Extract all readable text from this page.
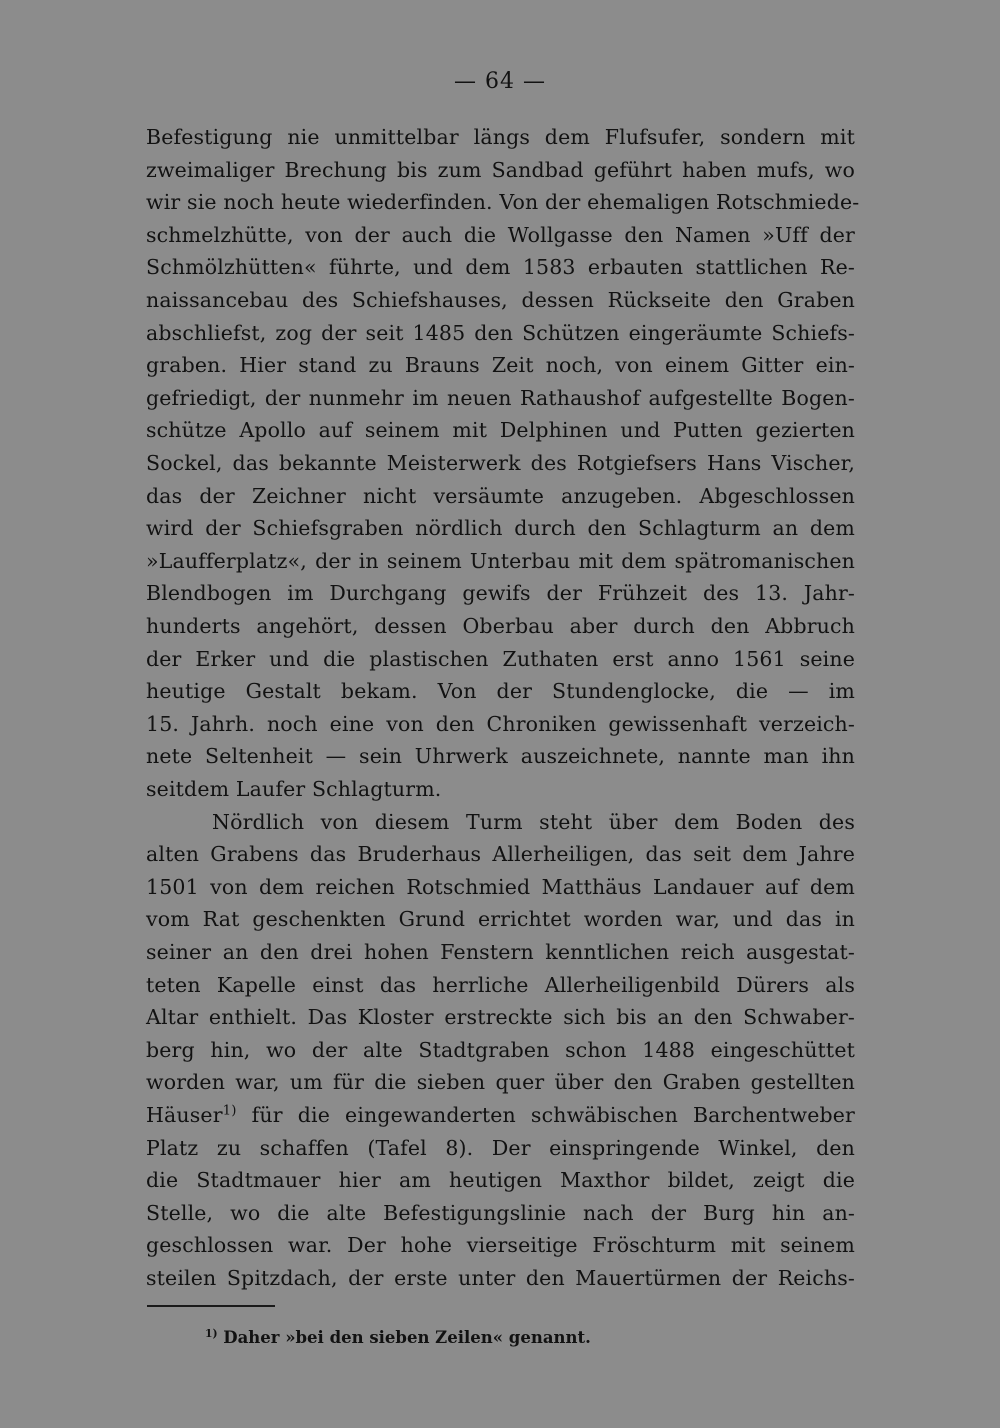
— 64 —
Befestigung nie unmittelbar längs dem Flufsufer, sondern mit
zweimaliger Brechung bis zum Sandbad geführt haben mufs, wo
wir sie noch heute wiederfinden. Von der ehemaligen Rotschmiede-
schmelzhütte, von der auch die Wollgasse den Namen »Uff der
Schmölzhütten« führte, und dem 1583 erbauten stattlichen Re-
naissancebau des Schiefshauses, dessen Rückseite den Graben
abschliefst, zog der seit 1485 den Schützen eingeräumte Schiefs-
graben. Hier stand zu Brauns Zeit noch, von einem Gitter ein-
gefriedigt, der nunmehr im neuen Rathaushof aufgestellte Bogen-
schütze Apollo auf seinem mit Delphinen und Putten gezierten
Sockel, das bekannte Meisterwerk des Rotgiefsers Hans Vischer,
das der Zeichner nicht versäumte anzugeben. Abgeschlossen
wird der Schiefsgraben nördlich durch den Schlagturm an dem
»Laufferplatz«, der in seinem Unterbau mit dem spätromanischen
Blendbogen im Durchgang gewifs der Frühzeit des 13. Jahr-
hunderts angehört, dessen Oberbau aber durch den Abbruch
der Erker und die plastischen Zuthaten erst anno 1561 seine
heutige Gestalt bekam. Von der Stundenglocke, die — im
15. Jahrh. noch eine von den Chroniken gewissenhaft verzeich-
nete Seltenheit — sein Uhrwerk auszeichnete, nannte man ihn
seitdem Laufer Schlagturm.
Nördlich von diesem Turm steht über dem Boden des
alten Grabens das Bruderhaus Allerheiligen, das seit dem Jahre
1501 von dem reichen Rotschmied Matthäus Landauer auf dem
vom Rat geschenkten Grund errichtet worden war, und das in
seiner an den drei hohen Fenstern kenntlichen reich ausgestat-
teten Kapelle einst das herrliche Allerheiligenbild Dürers als
Altar enthielt. Das Kloster erstreckte sich bis an den Schwaber-
berg hin, wo der alte Stadtgraben schon 1488 eingeschüttet
worden war, um für die sieben quer über den Graben gestellten
Häuser$^{1)}$ für die eingewanderten schwäbischen Barchentweber
Platz zu schaffen (Tafel 8). Der einspringende Winkel, den
die Stadtmauer hier am heutigen Maxthor bildet, zeigt die
Stelle, wo die alte Befestigungslinie nach der Burg hin an-
geschlossen war. Der hohe vierseitige Fröschturm mit seinem
steilen Spitzdach, der erste unter den Mauertürmen der Reichs-
$^{1)}$ Daher »bei den sieben Zeilen« genannt.
